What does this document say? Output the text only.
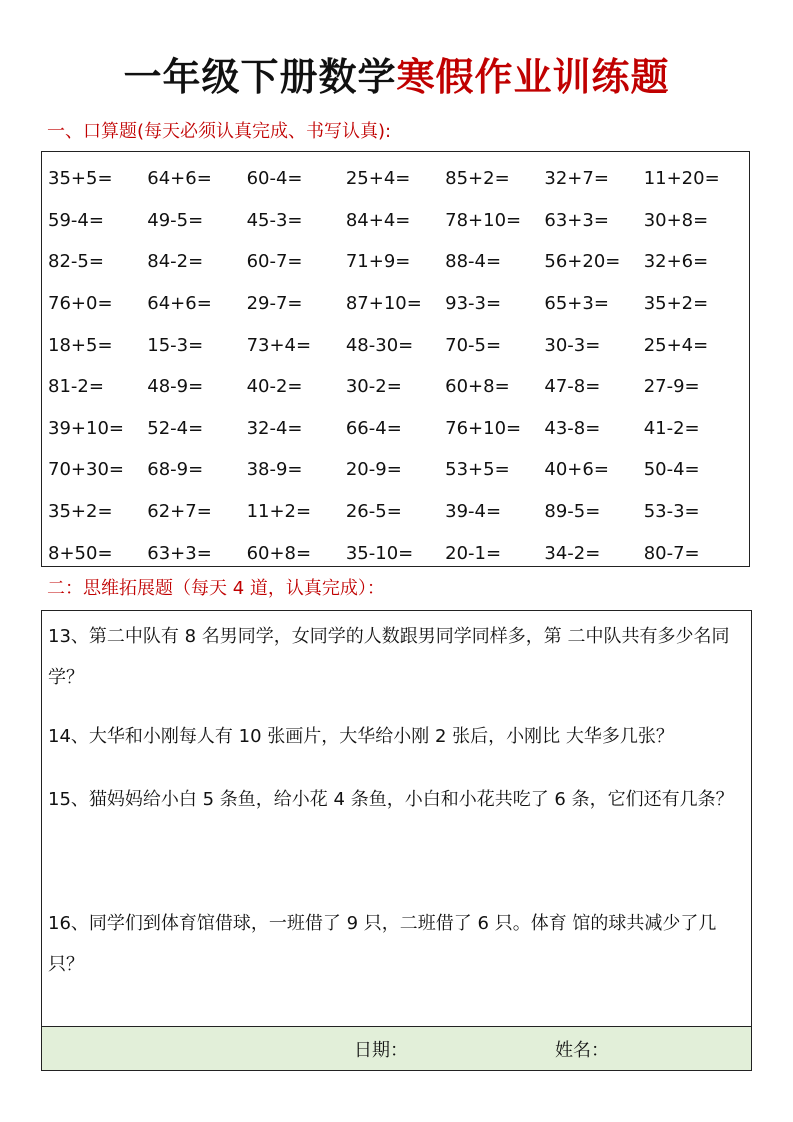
一年级下册数学寒假作业训练题
一、口算题(每天必须认真完成、书写认真):
35+5=	64+6=	60-4=	25+4=	85+2=	32+7=	11+20=
59-4=	49-5=	45-3=	84+4=	78+10=	63+3=	30+8=
82-5=	84-2=	60-7=	71+9=	88-4=	56+20=	32+6=
76+0=	64+6=	29-7=	87+10=	93-3=	65+3=	35+2=
18+5=	15-3=	73+4=	48-30=	70-5=	30-3=	25+4=
81-2=	48-9=	40-2=	30-2=	60+8=	47-8=	27-9=
39+10=	52-4=	32-4=	66-4=	76+10=	43-8=	41-2=
70+30=	68-9=	38-9=	20-9=	53+5=	40+6=	50-4=
35+2=	62+7=	11+2=	26-5=	39-4=	89-5=	53-3=
8+50=	63+3=	60+8=	35-10=	20-1=	34-2=	80-7=
二：思维拓展题（每天 4 道，认真完成）：
13、第二中队有 8 名男同学，女同学的人数跟男同学同样多，第 二中队共有多少名同学？
14、大华和小刚每人有 10 张画片，大华给小刚 2 张后，小刚比 大华多几张？
15、猫妈妈给小白 5 条鱼，给小花 4 条鱼，小白和小花共吃了 6 条，它们还有几条？
16、同学们到体育馆借球，一班借了 9 只，二班借了 6 只。体育 馆的球共减少了几只？
日期：	姓名：
